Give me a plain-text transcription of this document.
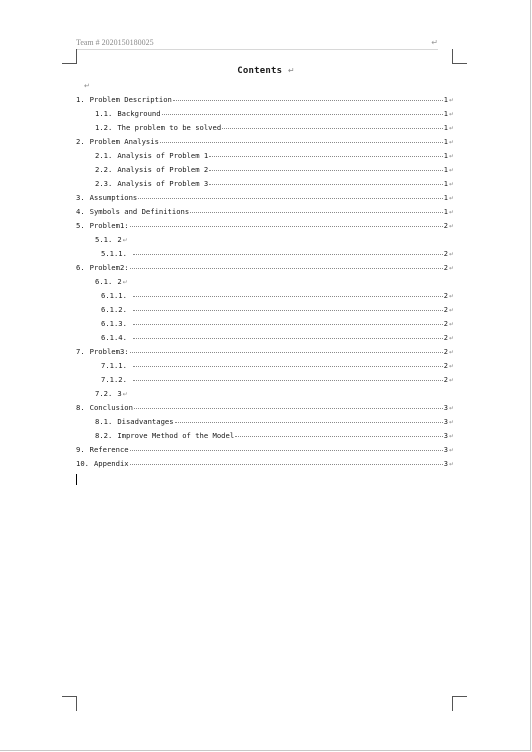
Team # 2020150180025	↵
Contents ↵
↵
1. Problem Description	1 ↵
1.1. Background	1 ↵
1.2. The problem to be solved	1 ↵
2. Problem Analysis	1 ↵
2.1. Analysis of Problem 1	1 ↵
2.2. Analysis of Problem 2	1 ↵
2.3. Analysis of Problem 3	1 ↵
3. Assumptions	1 ↵
4. Symbols and Definitions	1 ↵
5. Problem1:	2 ↵
5.1. 2 ↵
5.1.1.	2 ↵
6. Problem2:	2 ↵
6.1. 2 ↵
6.1.1.	2 ↵
6.1.2.	2 ↵
6.1.3.	2 ↵
6.1.4.	2 ↵
7. Problem3:	2 ↵
7.1.1.	2 ↵
7.1.2.	2 ↵
7.2. 3 ↵
8. Conclusion	3 ↵
8.1. Disadvantages	3 ↵
8.2. Improve Method of the Model	3 ↵
9. Reference	3 ↵
10. Appendix	3 ↵
